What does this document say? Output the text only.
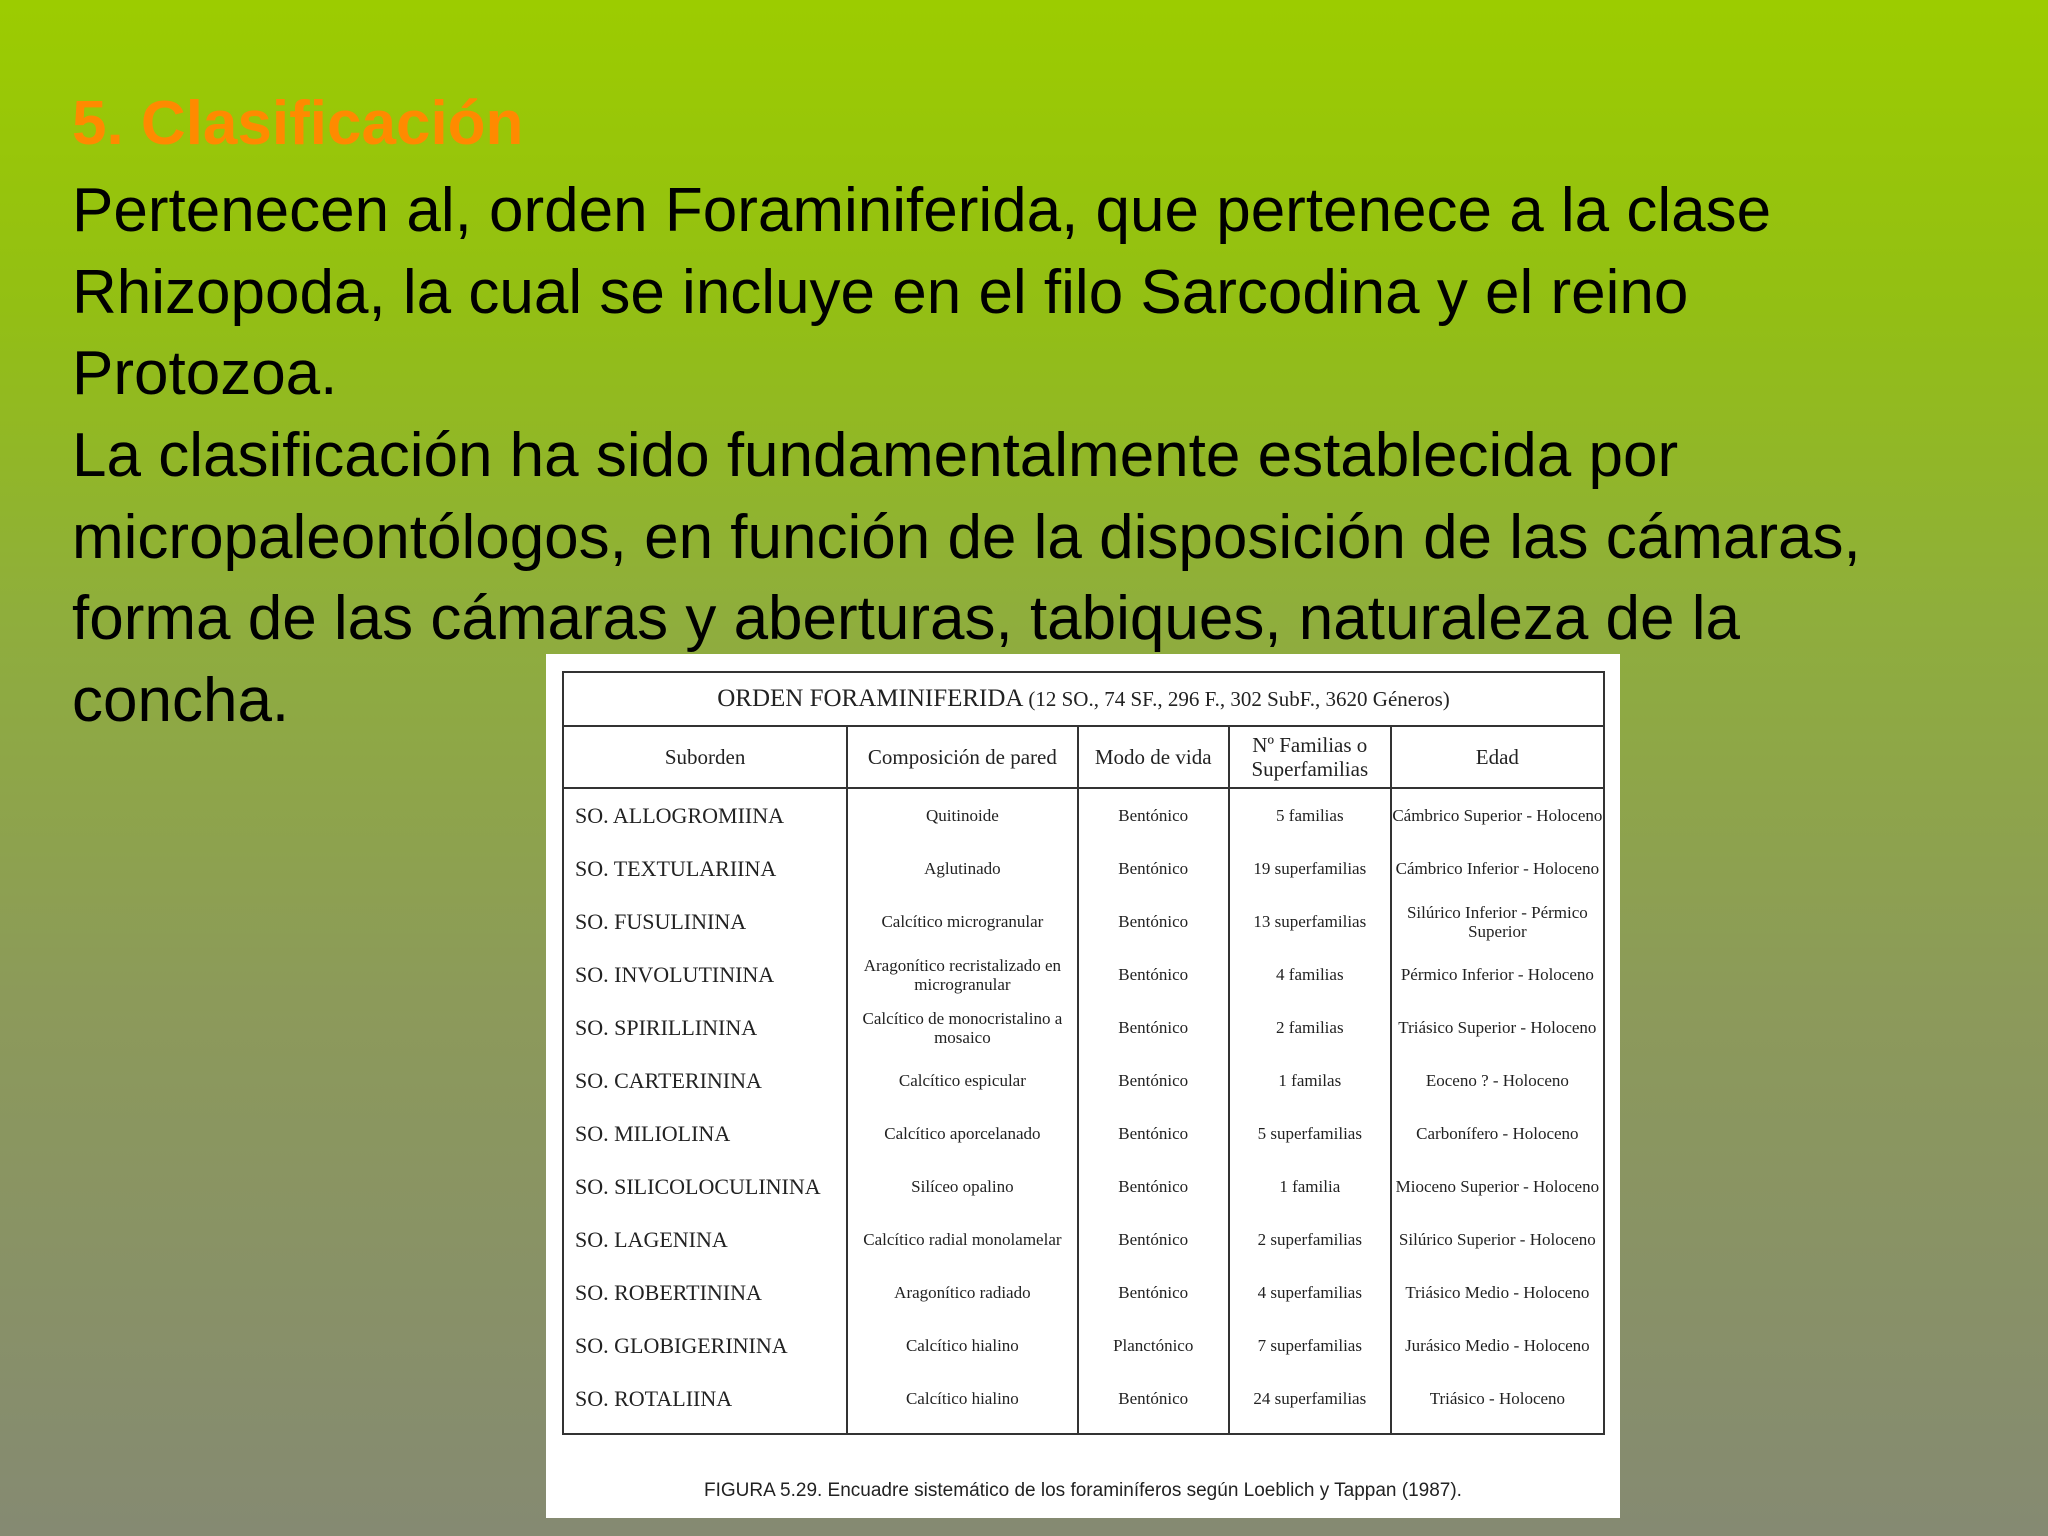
5. Clasificación
Pertenecen al, orden Foraminiferida, que pertenece a la clase
Rhizopoda, la cual se incluye en el filo Sarcodina y el reino
Protozoa.
La clasificación ha sido fundamentalmente establecida por
micropaleontólogos, en función de la disposición de las cámaras,
forma de las cámaras y aberturas, tabiques, naturaleza de la
concha.	ORDEN FORAMINIFERIDA (12 SO., 74 SF., 296 F., 302 SubF., 3620 Géneros)				
Suborden	Composición de pared	Modo de vida	Nº Familias o Superfamilias	Edad
SO. ALLOGROMIINA	Quitinoide	Bentónico	5 familias	Cámbrico Superior - Holoceno
SO. TEXTULARIINA	Aglutinado	Bentónico	19 superfamilias	Cámbrico Inferior - Holoceno
SO. FUSULININA	Calcítico microgranular	Bentónico	13 superfamilias	Silúrico Inferior - Pérmico Superior
SO. INVOLUTININA	Aragonítico recristalizado en microgranular	Bentónico	4 familias	Pérmico Inferior - Holoceno
SO. SPIRILLININA	Calcítico de monocristalino a mosaico	Bentónico	2 familias	Triásico Superior - Holoceno
SO. CARTERININA	Calcítico espicular	Bentónico	1 familas	Eoceno ? - Holoceno
SO. MILIOLINA	Calcítico aporcelanado	Bentónico	5 superfamilias	Carbonífero - Holoceno
SO. SILICOLOCULININA	Silíceo opalino	Bentónico	1 familia	Mioceno Superior - Holoceno
SO. LAGENINA	Calcítico radial monolamelar	Bentónico	2 superfamilias	Silúrico Superior - Holoceno
SO. ROBERTININA	Aragonítico radiado	Bentónico	4 superfamilias	Triásico Medio - Holoceno
SO. GLOBIGERININA	Calcítico hialino	Planctónico	7 superfamilias	Jurásico Medio - Holoceno
SO. ROTALIINA	Calcítico hialino	Bentónico	24 superfamilias	Triásico - Holoceno
FIGURA 5.29. Encuadre sistemático de los foraminíferos según Loeblich y Tappan (1987).
